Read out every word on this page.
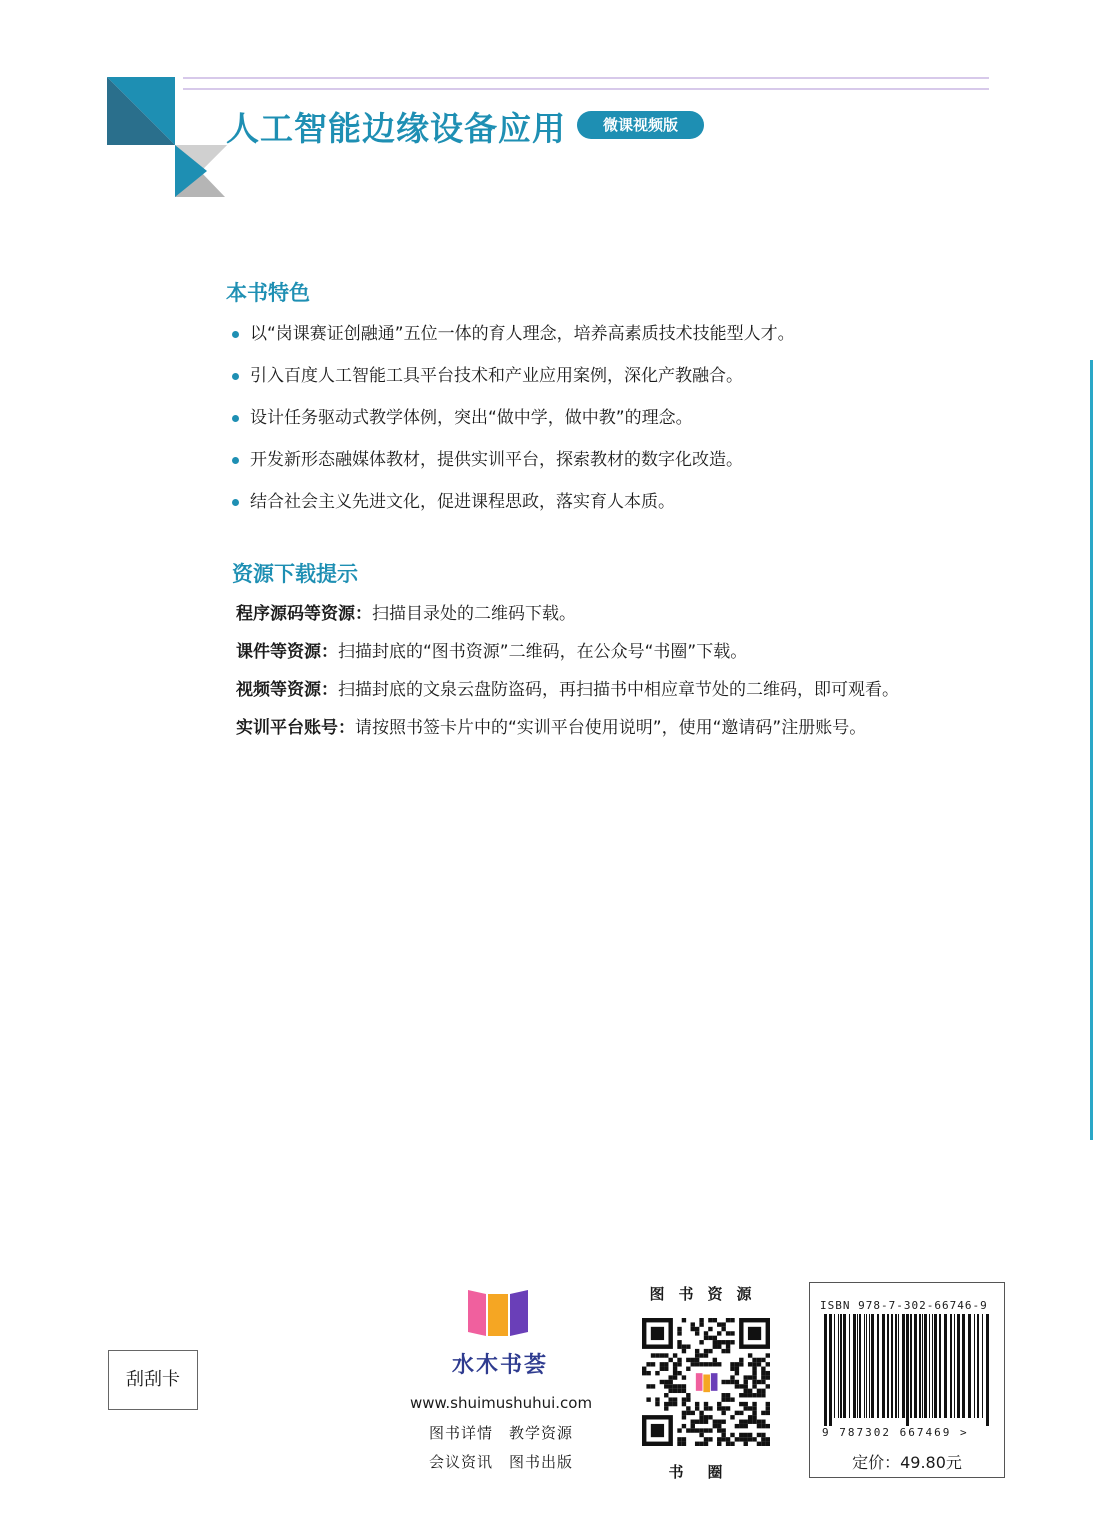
人工智能边缘设备应用	微课视频版
本书特色
以“岗课赛证创融通”五位一体的育人理念，培养高素质技术技能型人才。
引入百度人工智能工具平台技术和产业应用案例，深化产教融合。
设计任务驱动式教学体例，突出“做中学，做中教”的理念。
开发新形态融媒体教材，提供实训平台，探索教材的数字化改造。
结合社会主义先进文化，促进课程思政，落实育人本质。
资源下载提示
程序源码等资源：扫描目录处的二维码下载。
课件等资源：扫描封底的“图书资源”二维码，在公众号“书圈”下载。
视频等资源：扫描封底的文泉云盘防盗码，再扫描书中相应章节处的二维码，即可观看。
实训平台账号：请按照书签卡片中的“实训平台使用说明”，使用“邀请码”注册账号。
刮刮卡
水木书荟
www.shuimushuhui.com
图书详情　教学资源
会议资讯　图书出版
图书资源
书圈
ISBN 978-7-302-66746-9
9 787302 667469 >
定价：49.80元
